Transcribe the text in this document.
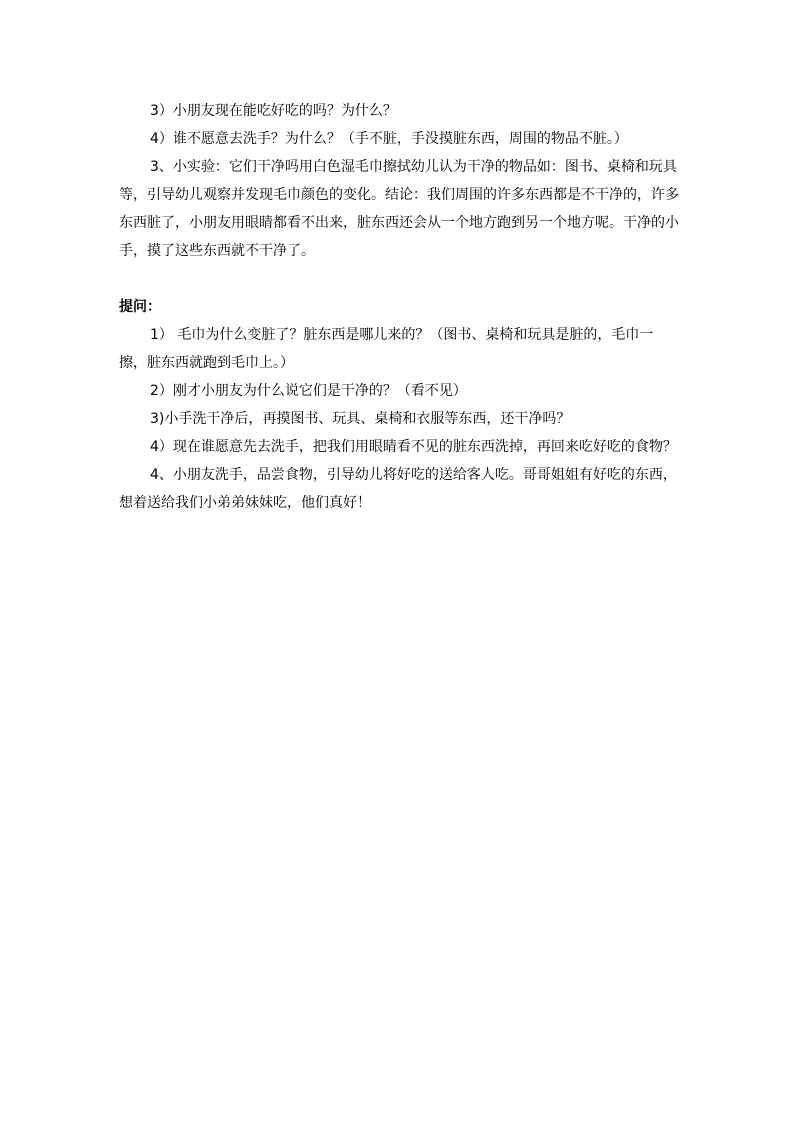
3）小朋友现在能吃好吃的吗？为什么？

4）谁不愿意去洗手？为什么？（手不脏，手没摸脏东西，周围的物品不脏。）

3、小实验：它们干净吗用白色湿毛巾擦拭幼儿认为干净的物品如：图书、桌椅和玩具等，引导幼儿观察并发现毛巾颜色的变化。结论：我们周围的许多东西都是不干净的，许多东西脏了，小朋友用眼睛都看不出来，脏东西还会从一个地方跑到另一个地方呢。干净的小手，摸了这些东西就不干净了。

提问：

1） 毛巾为什么变脏了？脏东西是哪儿来的？（图书、桌椅和玩具是脏的，毛巾一 擦，脏东西就跑到毛巾上。）

2）刚才小朋友为什么说它们是干净的？（看不见）

3)小手洗干净后，再摸图书、玩具、桌椅和衣服等东西，还干净吗？

4）现在谁愿意先去洗手，把我们用眼睛看不见的脏东西洗掉，再回来吃好吃的食物？

4、小朋友洗手，品尝食物，引导幼儿将好吃的送给客人吃。哥哥姐姐有好吃的东西，想着送给我们小弟弟妹妹吃，他们真好！
